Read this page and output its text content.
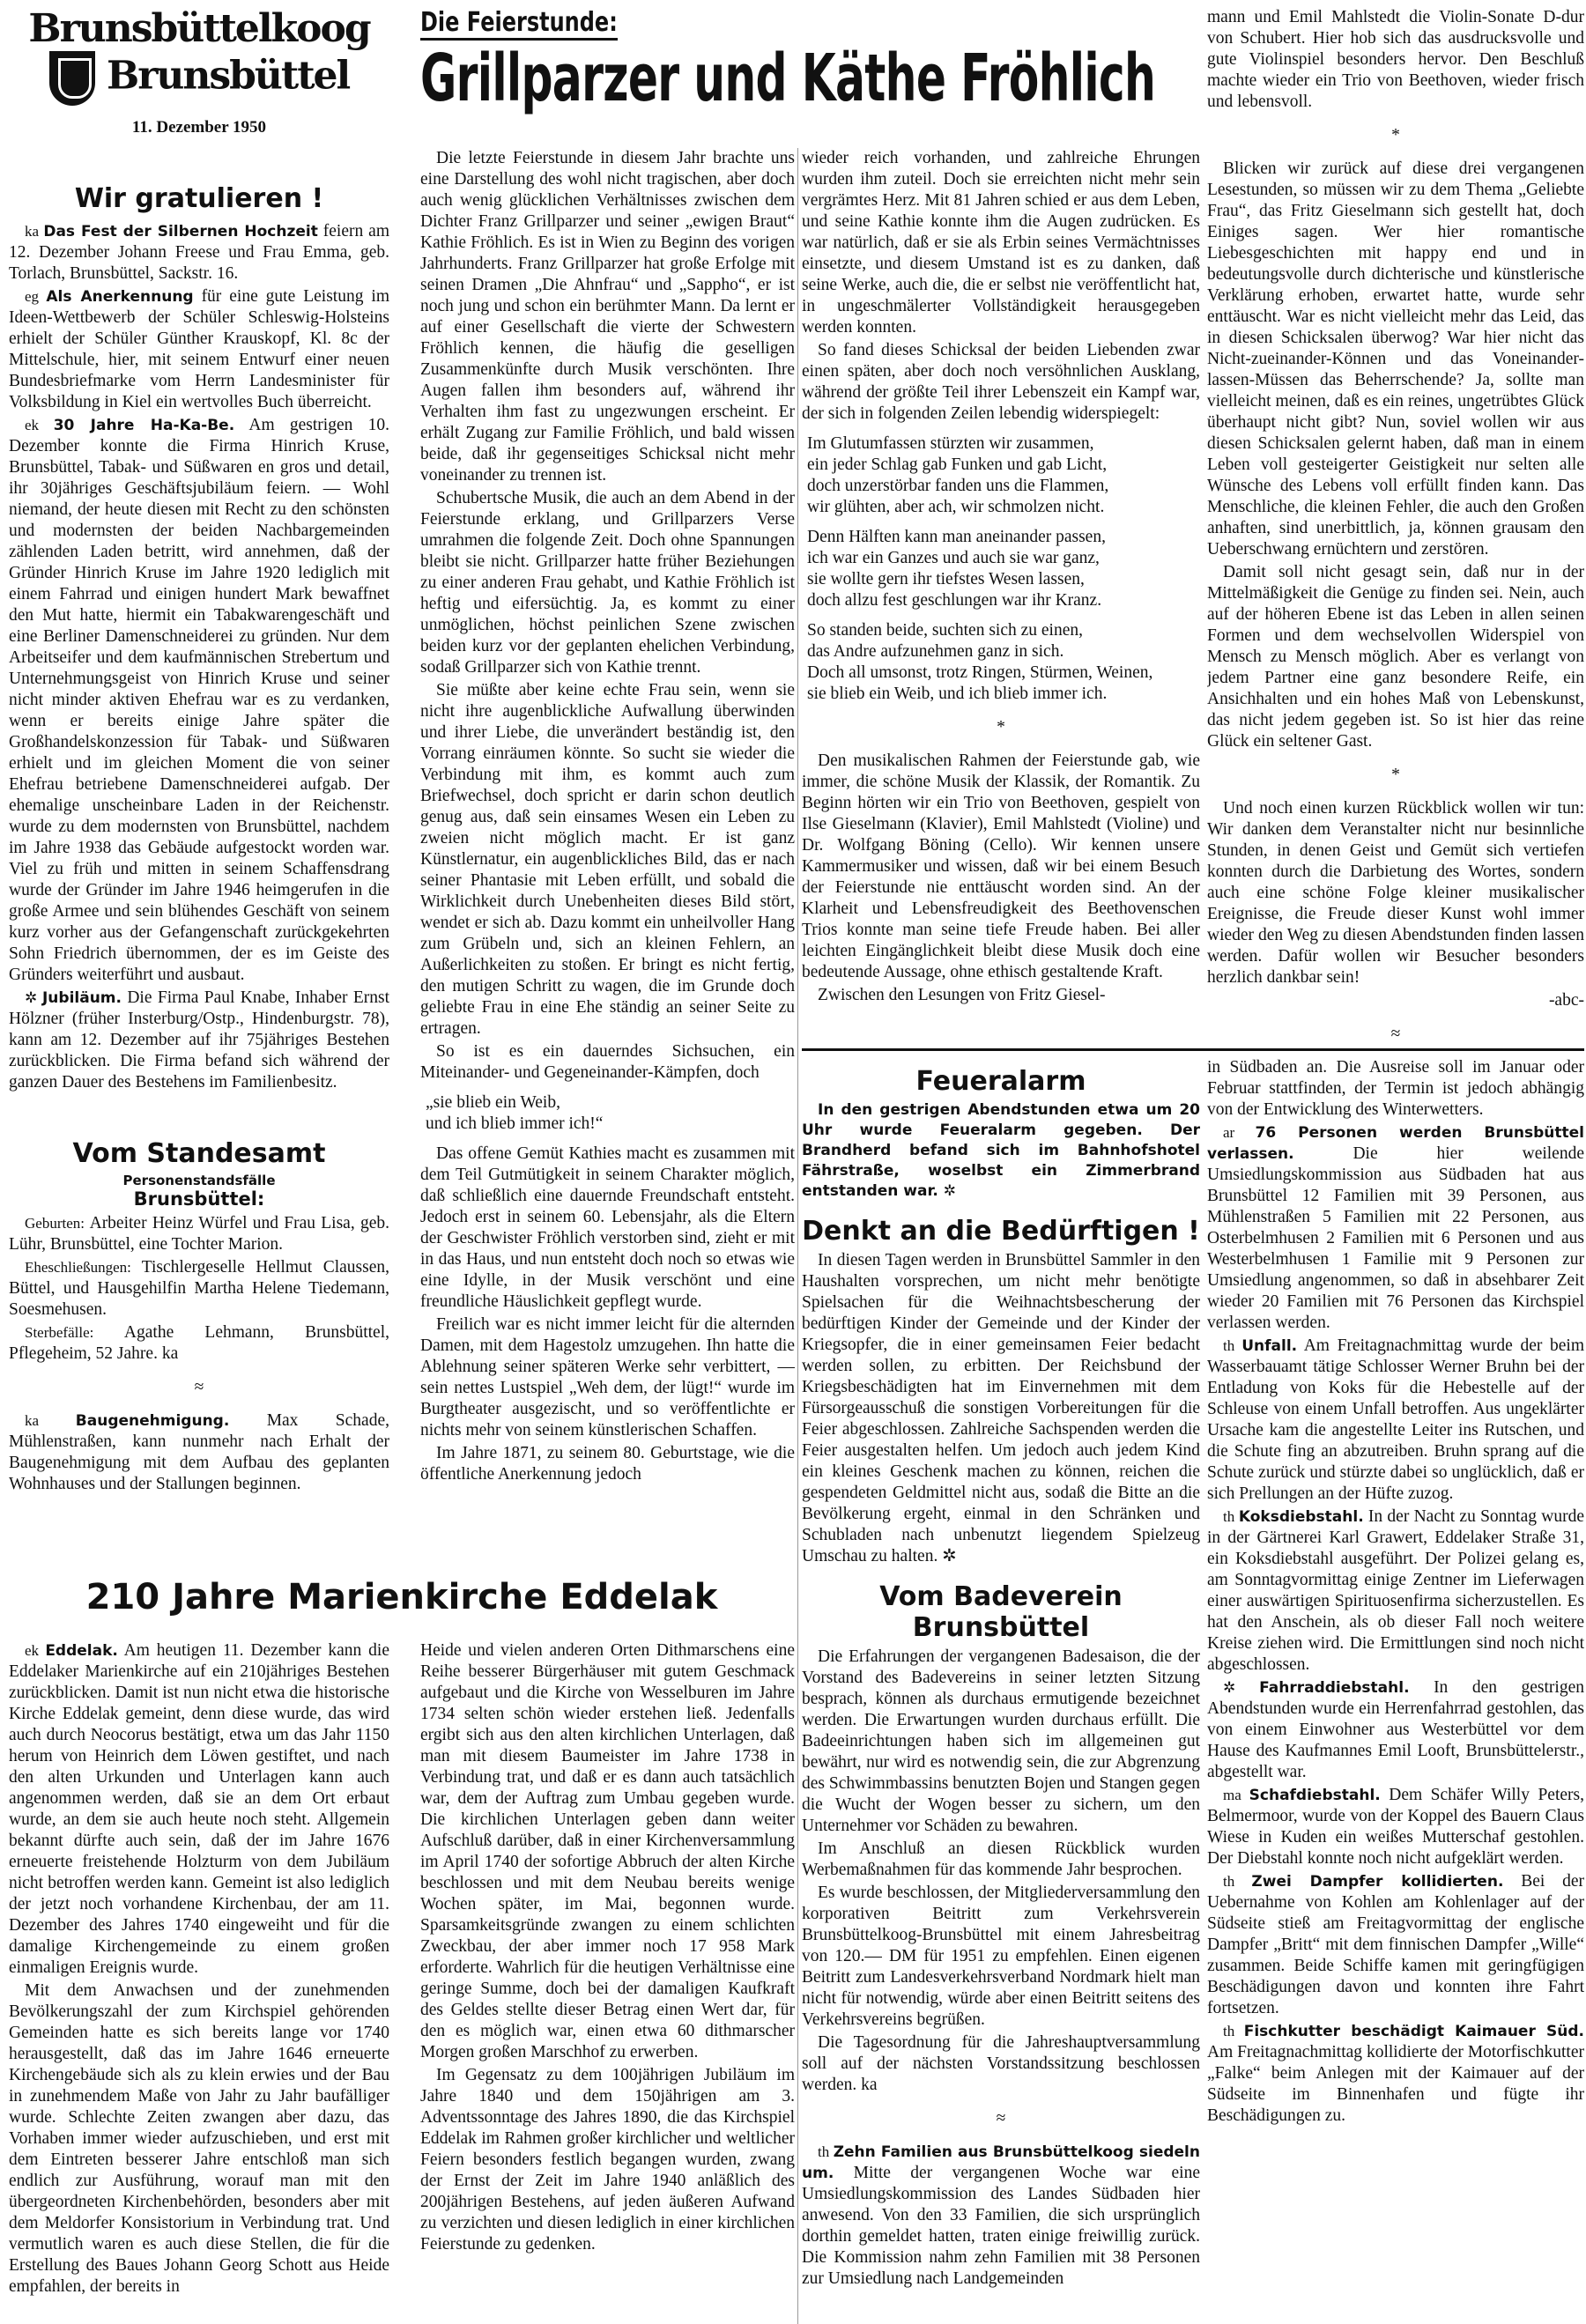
Brunsbüttelkoog
Brunsbüttel
11. Dezember 1950
Wir gratulieren !

ka Das Fest der Silbernen Hochzeit feiern am 12. Dezember Johann Freese und Frau Emma, geb. Torlach, Brunsbüttel, Sackstr. 16.

eg Als Anerkennung für eine gute Leistung im Ideen-Wettbewerb der Schüler Schleswig-Holsteins erhielt der Schüler Günther Krauskopf, Kl. 8c der Mittelschule, hier, mit seinem Entwurf einer neuen Bundesbriefmarke vom Herrn Landesminister für Volksbildung in Kiel ein wertvolles Buch überreicht.

ek 30 Jahre Ha-Ka-Be. Am gestrigen 10. Dezember konnte die Firma Hinrich Kruse, Brunsbüttel, Tabak- und Süßwaren en gros und detail, ihr 30jähriges Geschäftsjubiläum feiern. — Wohl niemand, der heute diesen mit Recht zu den schönsten und modernsten der beiden Nachbargemeinden zählenden Laden betritt, wird annehmen, daß der Gründer Hinrich Kruse im Jahre 1920 lediglich mit einem Fahrrad und einigen hundert Mark bewaffnet den Mut hatte, hiermit ein Tabakwarengeschäft und eine Berliner Damenschneiderei zu gründen. Nur dem Arbeitseifer und dem kaufmännischen Strebertum und Unternehmungsgeist von Hinrich Kruse und seiner nicht minder aktiven Ehefrau war es zu verdanken, wenn er bereits einige Jahre später die Großhandelskonzession für Tabak- und Süßwaren erhielt und im gleichen Moment die von seiner Ehefrau betriebene Damenschneiderei aufgab. Der ehemalige unscheinbare Laden in der Reichenstr. wurde zu dem modernsten von Brunsbüttel, nachdem im Jahre 1938 das Gebäude aufgestockt worden war. Viel zu früh und mitten in seinem Schaffensdrang wurde der Gründer im Jahre 1946 heimgerufen in die große Armee und sein blühendes Geschäft von seinem kurz vorher aus der Gefangenschaft zurückgekehrten Sohn Friedrich übernommen, der es im Geiste des Gründers weiterführt und ausbaut.

✲ Jubiläum. Die Firma Paul Knabe, Inhaber Ernst Hölzner (früher Insterburg/Ostp., Hindenburgstr. 78), kann am 12. Dezember auf ihr 75jähriges Bestehen zurückblicken. Die Firma befand sich während der ganzen Dauer des Bestehens im Familienbesitz.

Vom Standesamt
Personenstandsfälle
Brunsbüttel:

Geburten: Arbeiter Heinz Würfel und Frau Lisa, geb. Lühr, Brunsbüttel, eine Tochter Marion.

Eheschließungen: Tischlergeselle Hellmut Claussen, Büttel, und Hausgehilfin Martha Helene Tiedemann, Soesmehusen.

Sterbefälle: Agathe Lehmann, Brunsbüttel, Pflegeheim, 52 Jahre. ka

≈

ka Baugenehmigung. Max Schade, Mühlenstraßen, kann nunmehr nach Erhalt der Baugenehmigung mit dem Aufbau des geplanten Wohnhauses und der Stallungen beginnen.

Die Feierstunde:
Grillparzer und Käthe Fröhlich

Die letzte Feierstunde in diesem Jahr brachte uns eine Darstellung des wohl nicht tragischen, aber doch auch wenig glücklichen Verhältnisses zwischen dem Dichter Franz Grillparzer und seiner „ewigen Braut“ Kathie Fröhlich. Es ist in Wien zu Beginn des vorigen Jahrhunderts. Franz Grillparzer hat große Erfolge mit seinen Dramen „Die Ahnfrau“ und „Sappho“, er ist noch jung und schon ein berühmter Mann. Da lernt er auf einer Gesellschaft die vierte der Schwestern Fröhlich kennen, die häufig die geselligen Zusammenkünfte durch Musik verschönten. Ihre Augen fallen ihm besonders auf, während ihr Verhalten ihm fast zu ungezwungen erscheint. Er erhält Zugang zur Familie Fröhlich, und bald wissen beide, daß ihr gegenseitiges Schicksal nicht mehr voneinander zu trennen ist.

Schubertsche Musik, die auch an dem Abend in der Feierstunde erklang, und Grillparzers Verse umrahmen die folgende Zeit. Doch ohne Spannungen bleibt sie nicht. Grillparzer hatte früher Beziehungen zu einer anderen Frau gehabt, und Kathie Fröhlich ist heftig und eifersüchtig. Ja, es kommt zu einer unmöglichen, höchst peinlichen Szene zwischen beiden kurz vor der geplanten ehelichen Verbindung, sodaß Grillparzer sich von Kathie trennt.

Sie müßte aber keine echte Frau sein, wenn sie nicht ihre augenblickliche Aufwallung überwinden und ihrer Liebe, die unverändert beständig ist, den Vorrang einräumen könnte. So sucht sie wieder die Verbindung mit ihm, es kommt auch zum Briefwechsel, doch spricht er darin schon deutlich genug aus, daß sein einsames Wesen ein Leben zu zweien nicht möglich macht. Er ist ganz Künstlernatur, ein augenblickliches Bild, das er nach seiner Phantasie mit Leben erfüllt, und sobald die Wirklichkeit durch Unebenheiten dieses Bild stört, wendet er sich ab. Dazu kommt ein unheilvoller Hang zum Grübeln und, sich an kleinen Fehlern, an Außerlichkeiten zu stoßen. Er bringt es nicht fertig, den mutigen Schritt zu wagen, die im Grunde doch geliebte Frau in eine Ehe ständig an seiner Seite zu ertragen.

So ist es ein dauerndes Sichsuchen, ein Miteinander- und Gegeneinander-Kämpfen, doch

„sie blieb ein Weib,
und ich blieb immer ich!“

Das offene Gemüt Kathies macht es zusammen mit dem Teil Gutmütigkeit in seinem Charakter möglich, daß schließlich eine dauernde Freundschaft entsteht. Jedoch erst in seinem 60. Lebensjahr, als die Eltern der Geschwister Fröhlich verstorben sind, zieht er mit in das Haus, und nun entsteht doch noch so etwas wie eine Idylle, in der Musik verschönt und eine freundliche Häuslichkeit gepflegt wurde.

Freilich war es nicht immer leicht für die alternden Damen, mit dem Hagestolz umzugehen. Ihn hatte die Ablehnung seiner späteren Werke sehr verbittert, — sein nettes Lustspiel „Weh dem, der lügt!“ wurde im Burgtheater ausgezischt, und so veröffentlichte er nichts mehr von seinem künstlerischen Schaffen.

Im Jahre 1871, zu seinem 80. Geburtstage, wie die öffentliche Anerkennung jedoch

wieder reich vorhanden, und zahlreiche Ehrungen wurden ihm zuteil. Doch sie erreichten nicht mehr sein vergrämtes Herz. Mit 81 Jahren schied er aus dem Leben, und seine Kathie konnte ihm die Augen zudrücken. Es war natürlich, daß er sie als Erbin seines Vermächtnisses einsetzte, und diesem Umstand ist es zu danken, daß seine Werke, auch die, die er selbst nie veröffentlicht hat, in ungeschmälerter Vollständigkeit herausgegeben werden konnten.

So fand dieses Schicksal der beiden Liebenden zwar einen späten, aber doch noch versöhnlichen Ausklang, während der größte Teil ihrer Lebenszeit ein Kampf war, der sich in folgenden Zeilen lebendig widerspiegelt:

Im Glutumfassen stürzten wir zusammen,
ein jeder Schlag gab Funken und gab Licht,
doch unzerstörbar fanden uns die Flammen,
wir glühten, aber ach, wir schmolzen nicht.

Denn Hälften kann man aneinander passen,
ich war ein Ganzes und auch sie war ganz,
sie wollte gern ihr tiefstes Wesen lassen,
doch allzu fest geschlungen war ihr Kranz.

So standen beide, suchten sich zu einen,
das Andre aufzunehmen ganz in sich.
Doch all umsonst, trotz Ringen, Stürmen, Weinen,
sie blieb ein Weib, und ich blieb immer ich.

*

Den musikalischen Rahmen der Feierstunde gab, wie immer, die schöne Musik der Klassik, der Romantik. Zu Beginn hörten wir ein Trio von Beethoven, gespielt von Ilse Gieselmann (Klavier), Emil Mahlstedt (Violine) und Dr. Wolfgang Böning (Cello). Wir kennen unsere Kammermusiker und wissen, daß wir bei einem Besuch der Feierstunde nie enttäuscht worden sind. An der Klarheit und Lebensfreudigkeit des Beethovenschen Trios konnte man seine tiefe Freude haben. Bei aller leichten Eingänglichkeit bleibt diese Musik doch eine bedeutende Aussage, ohne ethisch gestaltende Kraft.

Zwischen den Lesungen von Fritz Giesel-

mann und Emil Mahlstedt die Violin-Sonate D-dur von Schubert. Hier hob sich das ausdrucksvolle und gute Violinspiel besonders hervor. Den Beschluß machte wieder ein Trio von Beethoven, wieder frisch und lebensvoll.

*

Blicken wir zurück auf diese drei vergangenen Lesestunden, so müssen wir zu dem Thema „Geliebte Frau“, das Fritz Gieselmann sich gestellt hat, doch Einiges sagen. Wer hier romantische Liebesgeschichten mit happy end und in bedeutungsvolle durch dichterische und künstlerische Verklärung erhoben, erwartet hatte, wurde sehr enttäuscht. War es nicht vielleicht mehr das Leid, das in diesen Schicksalen überwog? War hier nicht das Nicht-zueinander-Können und das Voneinander-lassen-Müssen das Beherrschende? Ja, sollte man vielleicht meinen, daß es ein reines, ungetrübtes Glück überhaupt nicht gibt? Nun, soviel wollen wir aus diesen Schicksalen gelernt haben, daß man in einem Leben voll gesteigerter Geistigkeit nur selten alle Wünsche des Lebens voll erfüllt finden kann. Das Menschliche, die kleinen Fehler, die auch den Großen anhaften, sind unerbittlich, ja, können grausam den Ueberschwang ernüchtern und zerstören.

Damit soll nicht gesagt sein, daß nur in der Mittelmäßigkeit die Genüge zu finden sei. Nein, auch auf der höheren Ebene ist das Leben in allen seinen Formen und dem wechselvollen Widerspiel von Mensch zu Mensch möglich. Aber es verlangt von jedem Partner eine ganz besondere Reife, ein Ansichhalten und ein hohes Maß von Lebenskunst, das nicht jedem gegeben ist. So ist hier das reine Glück ein seltener Gast.

*

Und noch einen kurzen Rückblick wollen wir tun: Wir danken dem Veranstalter nicht nur besinnliche Stunden, in denen Geist und Gemüt sich vertiefen konnten durch die Darbietung des Wortes, sondern auch eine schöne Folge kleiner musikalischer Ereignisse, die Freude dieser Kunst wohl immer wieder den Weg zu diesen Abendstunden finden lassen werden. Dafür wollen wir Besucher besonders herzlich dankbar sein!

-abc-

≈

Feueralarm

In den gestrigen Abendstunden etwa um 20 Uhr wurde Feueralarm gegeben. Der Brandherd befand sich im Bahnhofshotel Fährstraße, woselbst ein Zimmerbrand entstanden war. ✲

Denkt an die Bedürftigen !

In diesen Tagen werden in Brunsbüttel Sammler in den Haushalten vorsprechen, um nicht mehr benötigte Spielsachen für die Weihnachtsbescherung der bedürftigen Kinder der Gemeinde und der Kinder der Kriegsopfer, die in einer gemeinsamen Feier bedacht werden sollen, zu erbitten. Der Reichsbund der Kriegsbeschädigten hat im Einvernehmen mit dem Fürsorgeausschuß die sonstigen Vorbereitungen für die Feier abgeschlossen. Zahlreiche Sachspenden werden die Feier ausgestalten helfen. Um jedoch auch jedem Kind ein kleines Geschenk machen zu können, reichen die gespendeten Geldmittel nicht aus, sodaß die Bitte an die Bevölkerung ergeht, einmal in den Schränken und Schubladen nach unbenutzt liegendem Spielzeug Umschau zu halten. ✲

Vom Badeverein Brunsbüttel

Die Erfahrungen der vergangenen Badesaison, die der Vorstand des Badevereins in seiner letzten Sitzung besprach, können als durchaus ermutigende bezeichnet werden. Die Erwartungen wurden durchaus erfüllt. Die Badeeinrichtungen haben sich im allgemeinen gut bewährt, nur wird es notwendig sein, die zur Abgrenzung des Schwimmbassins benutzten Bojen und Stangen gegen die Wucht der Wogen besser zu sichern, um den Unternehmer vor Schäden zu bewahren.

Im Anschluß an diesen Rückblick wurden Werbemaßnahmen für das kommende Jahr besprochen.

Es wurde beschlossen, der Mitgliederversammlung den korporativen Beitritt zum Verkehrsverein Brunsbüttelkoog-Brunsbüttel mit einem Jahresbeitrag von 120.— DM für 1951 zu empfehlen. Einen eigenen Beitritt zum Landesverkehrsverband Nordmark hielt man nicht für notwendig, würde aber einen Beitritt seitens des Verkehrsvereins begrüßen.

Die Tagesordnung für die Jahreshauptversammlung soll auf der nächsten Vorstandssitzung beschlossen werden. ka

≈

th Zehn Familien aus Brunsbüttelkoog siedeln um. Mitte der vergangenen Woche war eine Umsiedlungskommission des Landes Südbaden hier anwesend. Von den 33 Familien, die sich ursprünglich dorthin gemeldet hatten, traten einige freiwillig zurück. Die Kommission nahm zehn Familien mit 38 Personen zur Umsiedlung nach Landgemeinden

in Südbaden an. Die Ausreise soll im Januar oder Februar stattfinden, der Termin ist jedoch abhängig von der Entwicklung des Winterwetters.

ar 76 Personen werden Brunsbüttel verlassen. Die hier weilende Umsiedlungskommission aus Südbaden hat aus Brunsbüttel 12 Familien mit 39 Personen, aus Mühlenstraßen 5 Familien mit 22 Personen, aus Osterbelmhusen 2 Familien mit 6 Personen und aus Westerbelmhusen 1 Familie mit 9 Personen zur Umsiedlung angenommen, so daß in absehbarer Zeit wieder 20 Familien mit 76 Personen das Kirchspiel verlassen werden.

th Unfall. Am Freitagnachmittag wurde der beim Wasserbauamt tätige Schlosser Werner Bruhn bei der Entladung von Koks für die Hebestelle auf der Schleuse von einem Unfall betroffen. Aus ungeklärter Ursache kam die angestellte Leiter ins Rutschen, und die Schute fing an abzutreiben. Bruhn sprang auf die Schute zurück und stürzte dabei so unglücklich, daß er sich Prellungen an der Hüfte zuzog.

th Koksdiebstahl. In der Nacht zu Sonntag wurde in der Gärtnerei Karl Grawert, Eddelaker Straße 31, ein Koksdiebstahl ausgeführt. Der Polizei gelang es, am Sonntagvormittag einige Zentner im Lieferwagen einer auswärtigen Spirituosenfirma sicherzustellen. Es hat den Anschein, als ob dieser Fall noch weitere Kreise ziehen wird. Die Ermittlungen sind noch nicht abgeschlossen.

✲ Fahrraddiebstahl. In den gestrigen Abendstunden wurde ein Herrenfahrrad gestohlen, das von einem Einwohner aus Westerbüttel vor dem Hause des Kaufmannes Emil Looft, Brunsbüttelerstr., abgestellt war.

ma Schafdiebstahl. Dem Schäfer Willy Peters, Belmermoor, wurde von der Koppel des Bauern Claus Wiese in Kuden ein weißes Mutterschaf gestohlen. Der Diebstahl konnte noch nicht aufgeklärt werden.

th Zwei Dampfer kollidierten. Bei der Uebernahme von Kohlen am Kohlenlager auf der Südseite stieß am Freitagvormittag der englische Dampfer „Britt“ mit dem finnischen Dampfer „Wille“ zusammen. Beide Schiffe kamen mit geringfügigen Beschädigungen davon und konnten ihre Fahrt fortsetzen.

th Fischkutter beschädigt Kaimauer Süd. Am Freitagnachmittag kollidierte der Motorfischkutter „Falke“ beim Anlegen mit der Kaimauer auf der Südseite im Binnenhafen und fügte ihr Beschädigungen zu.

210 Jahre Marienkirche Eddelak

ek Eddelak. Am heutigen 11. Dezember kann die Eddelaker Marienkirche auf ein 210jähriges Bestehen zurückblicken. Damit ist nun nicht etwa die historische Kirche Eddelak gemeint, denn diese wurde, das wird auch durch Neocorus bestätigt, etwa um das Jahr 1150 herum von Heinrich dem Löwen gestiftet, und nach den alten Urkunden und Unterlagen kann auch angenommen werden, daß sie an dem Ort erbaut wurde, an dem sie auch heute noch steht. Allgemein bekannt dürfte auch sein, daß der im Jahre 1676 erneuerte freistehende Holzturm von dem Jubiläum nicht betroffen werden kann. Gemeint ist also lediglich der jetzt noch vorhandene Kirchenbau, der am 11. Dezember des Jahres 1740 eingeweiht und für die damalige Kirchengemeinde zu einem großen einmaligen Ereignis wurde.

Mit dem Anwachsen und der zunehmenden Bevölkerungszahl der zum Kirchspiel gehörenden Gemeinden hatte es sich bereits lange vor 1740 herausgestellt, daß das im Jahre 1646 erneuerte Kirchengebäude sich als zu klein erwies und der Bau in zunehmendem Maße von Jahr zu Jahr baufälliger wurde. Schlechte Zeiten zwangen aber dazu, das Vorhaben immer wieder aufzuschieben, und erst mit dem Eintreten besserer Jahre entschloß man sich endlich zur Ausführung, worauf man mit den übergeordneten Kirchenbehörden, besonders aber mit dem Meldorfer Konsistorium in Verbindung trat. Und vermutlich waren es auch diese Stellen, die für die Erstellung des Baues Johann Georg Schott aus Heide empfahlen, der bereits in

Heide und vielen anderen Orten Dithmarschens eine Reihe besserer Bürgerhäuser mit gutem Geschmack aufgebaut und die Kirche von Wesselburen im Jahre 1734 selten schön wieder erstehen ließ. Jedenfalls ergibt sich aus den alten kirchlichen Unterlagen, daß man mit diesem Baumeister im Jahre 1738 in Verbindung trat, und daß er es dann auch tatsächlich war, dem der Auftrag zum Umbau gegeben wurde. Die kirchlichen Unterlagen geben dann weiter Aufschluß darüber, daß in einer Kirchenversammlung im April 1740 der sofortige Abbruch der alten Kirche beschlossen und mit dem Neubau bereits wenige Wochen später, im Mai, begonnen wurde. Sparsamkeitsgründe zwangen zu einem schlichten Zweckbau, der aber immer noch 17 958 Mark erforderte. Wahrlich für die heutigen Verhältnisse eine geringe Summe, doch bei der damaligen Kaufkraft des Geldes stellte dieser Betrag einen Wert dar, für den es möglich war, einen etwa 60 dithmarscher Morgen großen Marschhof zu erwerben.

Im Gegensatz zu dem 100jährigen Jubiläum im Jahre 1840 und dem 150jährigen am 3. Adventssonntage des Jahres 1890, die das Kirchspiel Eddelak im Rahmen großer kirchlicher und weltlicher Feiern besonders festlich begangen wurden, zwang der Ernst der Zeit im Jahre 1940 anläßlich des 200jährigen Bestehens, auf jeden äußeren Aufwand zu verzichten und diesen lediglich in einer kirchlichen Feierstunde zu gedenken.
